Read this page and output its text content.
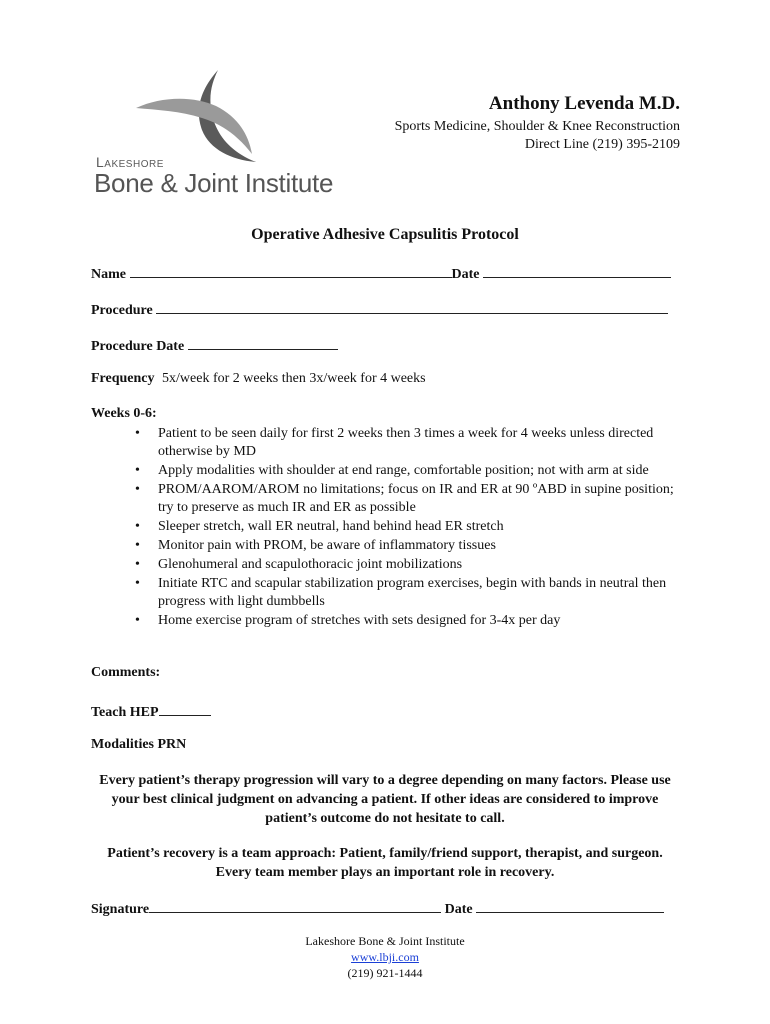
Lakeshore
Bone & Joint Institute
Anthony Levenda M.D.
Sports Medicine, Shoulder & Knee Reconstruction
Direct Line (219) 395-2109
Operative Adhesive Capsulitis Protocol
Name	Date
Procedure
Procedure Date
Frequency 5x/week for 2 weeks then 3x/week for 4 weeks
Weeks 0-6:
• Patient to be seen daily for first 2 weeks then 3 times a week for 4 weeks unless directed otherwise by MD
• Apply modalities with shoulder at end range, comfortable position; not with arm at side
• PROM/AAROM/AROM no limitations; focus on IR and ER at 90 ºABD in supine position; try to preserve as much IR and ER as possible
• Sleeper stretch, wall ER neutral, hand behind head ER stretch
• Monitor pain with PROM, be aware of inflammatory tissues
• Glenohumeral and scapulothoracic joint mobilizations
• Initiate RTC and scapular stabilization program exercises, begin with bands in neutral then progress with light dumbbells
• Home exercise program of stretches with sets designed for 3-4x per day
Comments:
Teach HEP
Modalities PRN
Every patient’s therapy progression will vary to a degree depending on many factors. Please use your best clinical judgment on advancing a patient. If other ideas are considered to improve patient’s outcome do not hesitate to call.
Patient’s recovery is a team approach: Patient, family/friend support, therapist, and surgeon. Every team member plays an important role in recovery.
Signature	Date
Lakeshore Bone & Joint Institute
www.lbji.com
(219) 921-1444
